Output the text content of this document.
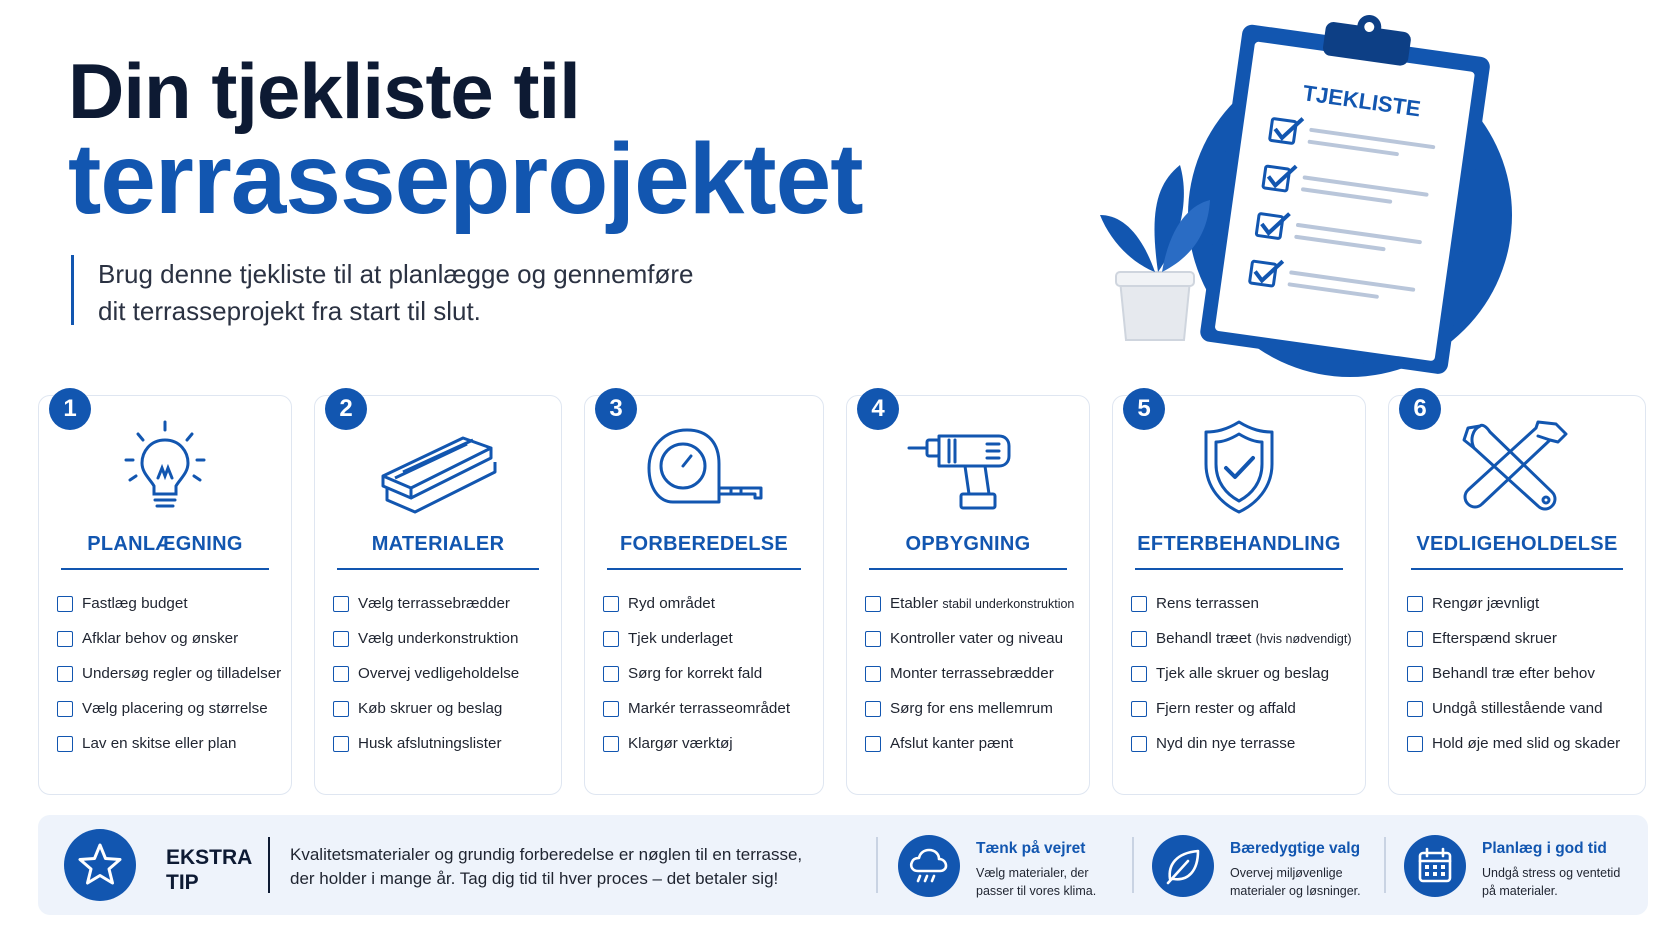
Din tjekliste til
terrasseprojektet
Brug denne tjekliste til at planlægge og gennemføre
dit terrasseprojekt fra start til slut.
TJEKLISTE
1
PLANLÆGNING
Fastlæg budget
Afklar behov og ønsker
Undersøg regler og tilladelser
Vælg placering og størrelse
Lav en skitse eller plan
2
MATERIALER
Vælg terrassebrædder
Vælg underkonstruktion
Overvej vedligeholdelse
Køb skruer og beslag
Husk afslutningslister
3
FORBEREDELSE
Ryd området
Tjek underlaget
Sørg for korrekt fald
Markér terrasseområdet
Klargør værktøj
4
OPBYGNING
Etabler
stabil underkonstruktion
Kontroller vater og niveau
Monter terrassebrædder
Sørg for ens mellemrum
Afslut kanter pænt
5
EFTERBEHANDLING
Rens terrassen
Behandl træet
(hvis nødvendigt)
Tjek alle skruer og beslag
Fjern rester og affald
Nyd din nye terrasse
6
VEDLIGEHOLDELSE
Rengør jævnligt
Efterspænd skruer
Behandl træ efter behov
Undgå stillestående vand
Hold øje med slid og skader
EKSTRA
TIP
Kvalitetsmaterialer og grundig forberedelse er nøglen til en terrasse,
der holder i mange år. Tag dig tid til hver proces – det betaler sig!
Tænk på vejret
Vælg materialer, der
passer til vores klima.
Bæredygtige valg
Overvej miljøvenlige
materialer og løsninger.
Planlæg i god tid
Undgå stress og ventetid
på materialer.
